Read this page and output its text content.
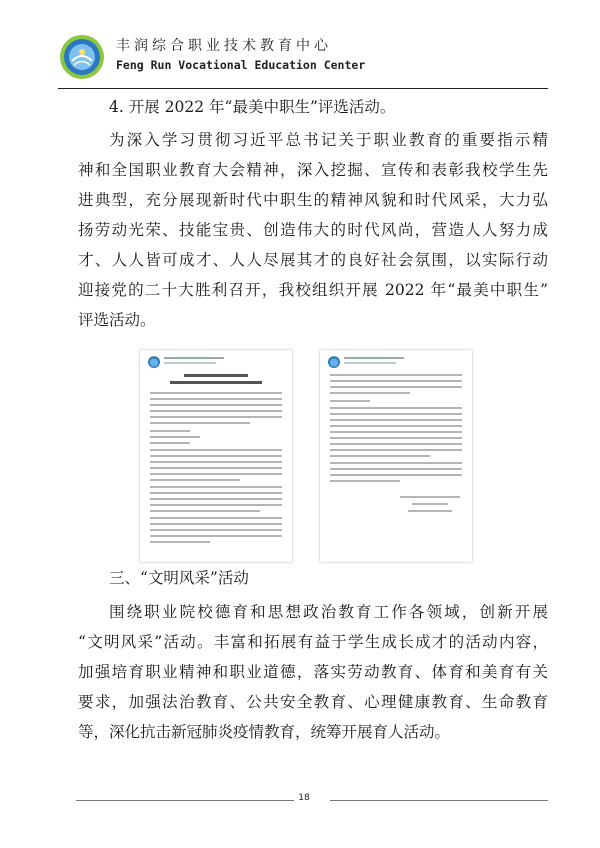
丰润综合职业技术教育中心
Feng Run Vocational Education Center
4. 开展 2022 年“最美中职生”评选活动。
为深入学习贯彻习近平总书记关于职业教育的重要指示精
神和全国职业教育大会精神，深入挖掘、宣传和表彰我校学生先
进典型，充分展现新时代中职生的精神风貌和时代风采，大力弘
扬劳动光荣、技能宝贵、创造伟大的时代风尚，营造人人努力成
才、人人皆可成才、人人尽展其才的良好社会氛围，以实际行动
迎接党的二十大胜利召开，我校组织开展 2022 年“最美中职生”
评选活动。
三、“文明风采”活动
围绕职业院校德育和思想政治教育工作各领域，创新开展
“文明风采”活动。丰富和拓展有益于学生成长成才的活动内容，
加强培育职业精神和职业道德，落实劳动教育、体育和美育有关
要求，加强法治教育、公共安全教育、心理健康教育、生命教育
等，深化抗击新冠肺炎疫情教育，统筹开展育人活动。
18
